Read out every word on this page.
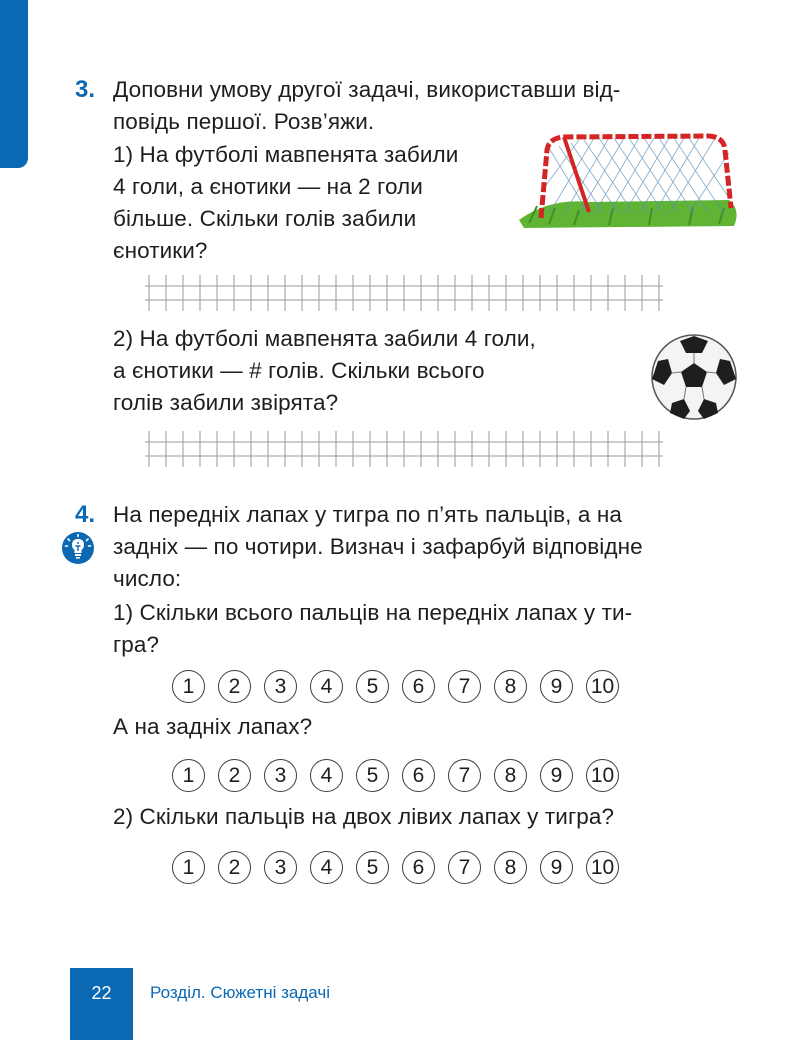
3. Доповни умову другої задачі, використавши від-
повідь першої. Розв’яжи.
1) На футболі мавпенята забили
4 голи, а єнотики — на 2 голи
більше. Скільки голів забили
єнотики?
2) На футболі мавпенята забили 4 голи,
а єнотики — # голів. Скільки всього
голів забили звірята?
4. На передніх лапах у тигра по п’ять пальців, а на
задніх — по чотири. Визнач і зафарбуй відповідне
число:
1) Скільки всього пальців на передніх лапах у ти-
гра?
1	2	3	4	5	6	7	8	9	10
А на задніх лапах?
1	2	3	4	5	6	7	8	9	10
2) Скільки пальців на двох лівих лапах у тигра?
1	2	3	4	5	6	7	8	9	10
22	Розділ. Сюжетні задачі
